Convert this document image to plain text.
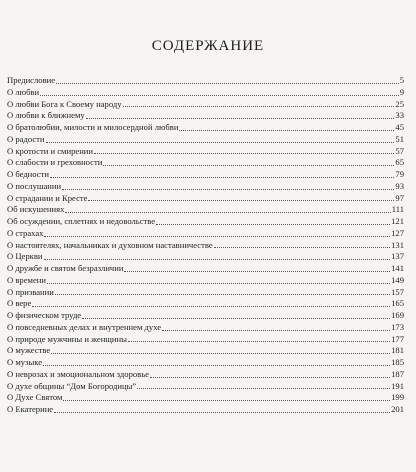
СОДЕРЖАНИЕ
Предисловие	5
О любви	9
О любви Бога к Своему народу	25
О любви к ближнему	33
О братолюбии, милости и милосердной любви	45
О радости	51
О кротости и смирении	57
О слабости и греховности	65
О бедности	79
О послушании	93
О страдании и Кресте	97
Об искушениях	111
Об осуждении, сплетнях и недовольстве	121
О страхах	127
О настоятелях, начальниках и духовном наставничестве	131
О Церкви	137
О дружбе и святом безразличии	141
О времени	149
О призвании	157
О вере	165
О физическом труде	169
О повседневных делах и внутреннем духе	173
О природе мужчины и женщины	177
О мужестве	181
О музыке	185
О неврозах и эмоциональном здоровье	187
О духе общины “Дом Богородицы”	191
О Духе Святом	199
О Екатерине	201
